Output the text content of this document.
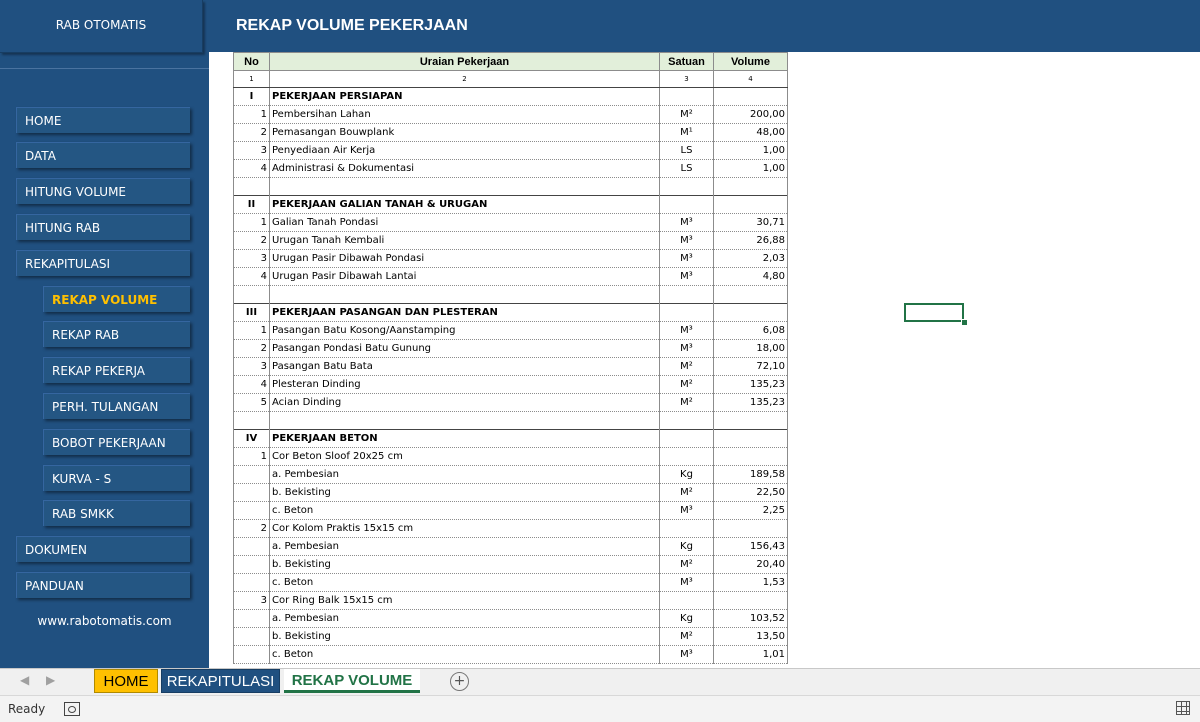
RAB OTOMATIS
HOME
DATA
HITUNG VOLUME
HITUNG RAB
REKAPITULASI
REKAP VOLUME
REKAP RAB
REKAP PEKERJA
PERH. TULANGAN
BOBOT PEKERJAAN
KURVA - S
RAB SMKK
DOKUMEN
PANDUAN
www.rabotomatis.com
REKAP VOLUME PEKERJAAN
No	Uraian Pekerjaan	Satuan	Volume
1	2	3	4
I	PEKERJAAN PERSIAPAN		
1	Pembersihan Lahan	M²	200,00
2	Pemasangan Bouwplank	M¹	48,00
3	Penyediaan Air Kerja	LS	1,00
4	Administrasi & Dokumentasi	LS	1,00

II	PEKERJAAN GALIAN TANAH & URUGAN		
1	Galian Tanah Pondasi	M³	30,71
2	Urugan Tanah Kembali	M³	26,88
3	Urugan Pasir Dibawah Pondasi	M³	2,03
4	Urugan Pasir Dibawah Lantai	M³	4,80

III	PEKERJAAN PASANGAN DAN PLESTERAN		
1	Pasangan Batu Kosong/Aanstamping	M³	6,08
2	Pasangan Pondasi Batu Gunung	M³	18,00
3	Pasangan Batu Bata	M²	72,10
4	Plesteran Dinding	M²	135,23
5	Acian Dinding	M²	135,23

IV	PEKERJAAN BETON		
1	Cor Beton Sloof 20x25 cm		
	a. Pembesian	Kg	189,58
	b. Bekisting	M²	22,50
	c. Beton	M³	2,25
2	Cor Kolom Praktis 15x15 cm		
	a. Pembesian	Kg	156,43
	b. Bekisting	M²	20,40
	c. Beton	M³	1,53
3	Cor Ring Balk 15x15 cm		
	a. Pembesian	Kg	103,52
	b. Bekisting	M²	13,50
	c. Beton	M³	1,01
◀ ▶	HOME	REKAPITULASI	REKAP VOLUME	+
Ready
